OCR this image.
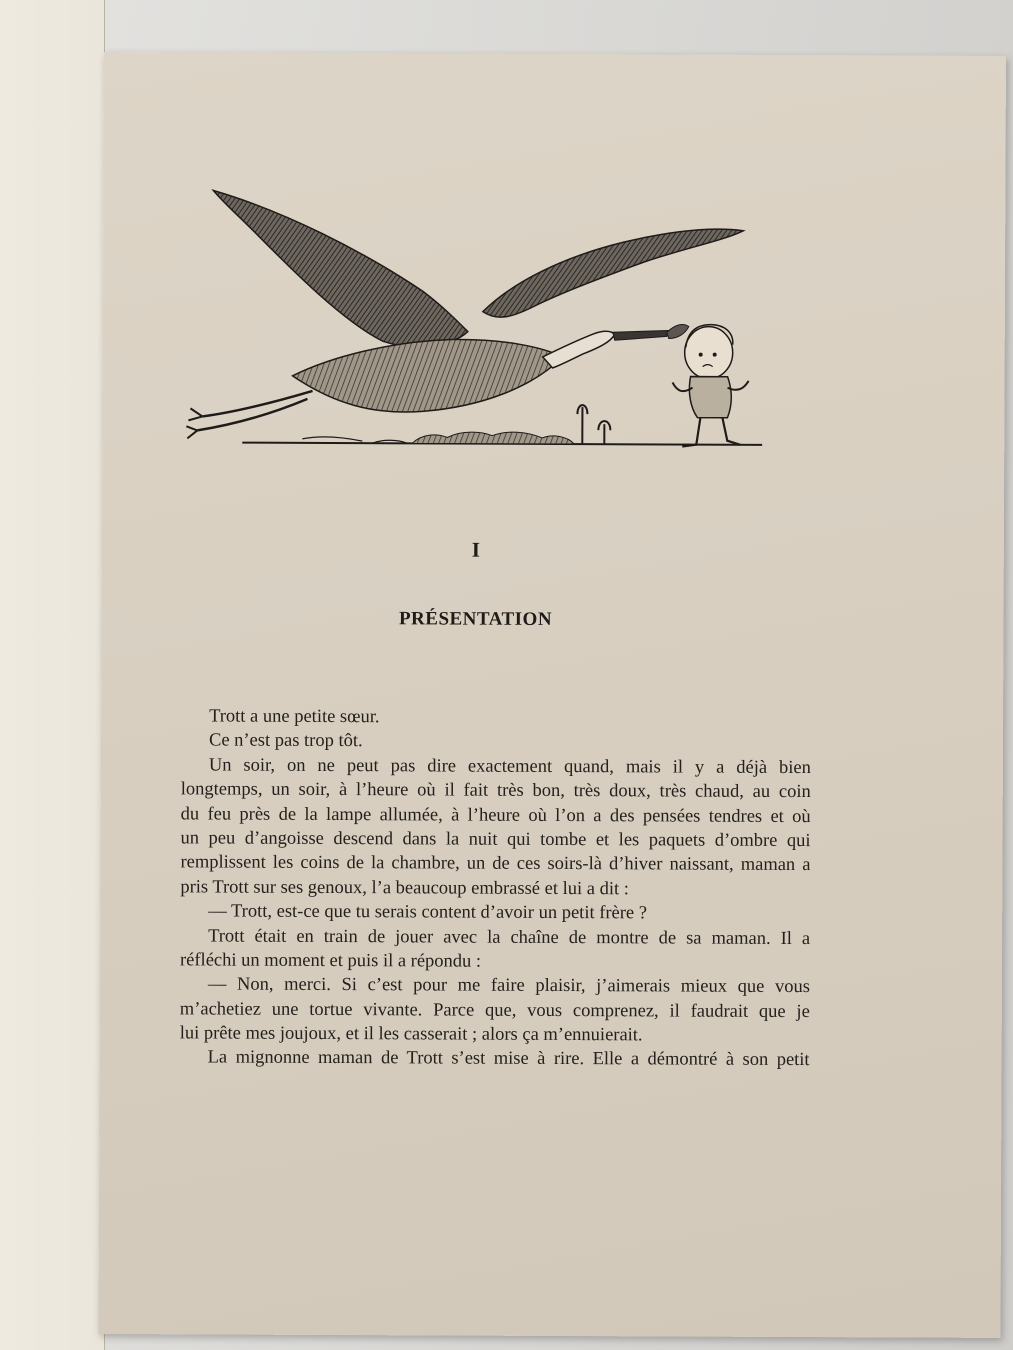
I
PRÉSENTATION
Trott a une petite sœur.
Ce n’est pas trop tôt.
Un soir, on ne peut pas dire exactement quand, mais il y a déjà bien
longtemps, un soir, à l’heure où il fait très bon, très doux, très chaud, au coin
du feu près de la lampe allumée, à l’heure où l’on a des pensées tendres et où
un peu d’angoisse descend dans la nuit qui tombe et les paquets d’ombre qui
remplissent les coins de la chambre, un de ces soirs-là d’hiver naissant, maman a
pris Trott sur ses genoux, l’a beaucoup embrassé et lui a dit :
— Trott, est-ce que tu serais content d’avoir un petit frère ?
Trott était en train de jouer avec la chaîne de montre de sa maman. Il a
réfléchi un moment et puis il a répondu :
— Non, merci. Si c’est pour me faire plaisir, j’aimerais mieux que vous
m’achetiez une tortue vivante. Parce que, vous comprenez, il faudrait que je
lui prête mes joujoux, et il les casserait ; alors ça m’ennuierait.
La mignonne maman de Trott s’est mise à rire. Elle a démontré à son petit
